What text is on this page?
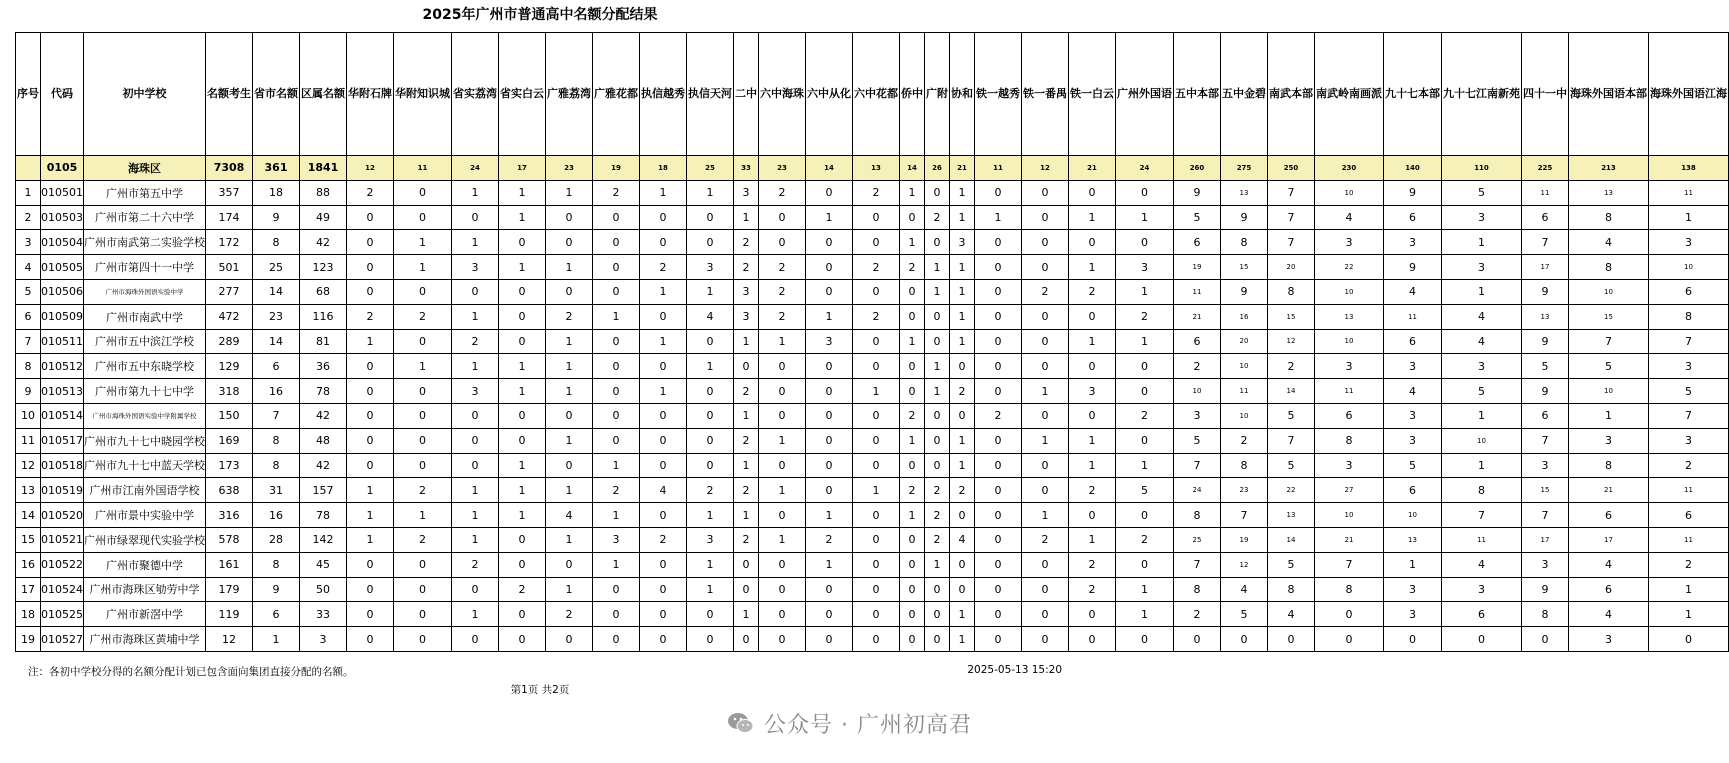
2025年广州市普通高中名额分配结果
序号	代码	初中学校	名额考生	省市名额	区属名额	华附石牌	华附知识城	省实荔湾	省实白云	广雅荔湾	广雅花都	执信越秀	执信天河	二中	六中海珠	六中从化	六中花都	侨中	广附	协和	铁一越秀	铁一番禺	铁一白云	广州外国语	五中本部	五中金碧	南武本部	南武岭南画派	九十七本部	九十七江南新苑	四十一中	海珠外国语本部	海珠外国语江海
	0105	海珠区	7308	361	1841	12	11	24	17	23	19	18	25	33	23	14	13	14	26	21	11	12	21	24	260	275	250	230	140	110	225	213	138
1	010501	广州市第五中学	357	18	88	2	0	1	1	1	2	1	1	3	2	0	2	1	0	1	0	0	0	0	9	13	7	10	9	5	11	13	11
2	010503	广州市第二十六中学	174	9	49	0	0	0	1	0	0	0	0	1	0	1	0	0	2	1	1	0	1	1	5	9	7	4	6	3	6	8	1
3	010504	广州市南武第二实验学校	172	8	42	0	1	1	0	0	0	0	0	2	0	0	0	1	0	3	0	0	0	0	6	8	7	3	3	1	7	4	3
4	010505	广州市第四十一中学	501	25	123	0	1	3	1	1	0	2	3	2	2	0	2	2	1	1	0	0	1	3	19	15	20	22	9	3	17	8	10
5	010506	广州市海珠外国语实验中学	277	14	68	0	0	0	0	0	0	1	1	3	2	0	0	0	1	1	0	2	2	1	11	9	8	10	4	1	9	10	6
6	010509	广州市南武中学	472	23	116	2	2	1	0	2	1	0	4	3	2	1	2	0	0	1	0	0	0	2	21	16	15	13	11	4	13	15	8
7	010511	广州市五中滨江学校	289	14	81	1	0	2	0	1	0	1	0	1	1	3	0	1	0	1	0	0	1	1	6	20	12	10	6	4	9	7	7
8	010512	广州市五中东晓学校	129	6	36	0	1	1	1	1	0	0	1	0	0	0	0	0	1	0	0	0	0	0	2	10	2	3	3	3	5	5	3
9	010513	广州市第九十七中学	318	16	78	0	0	3	1	1	0	1	0	2	0	0	1	0	1	2	0	1	3	0	10	11	14	11	4	5	9	10	5
10	010514	广州市海珠外国语实验中学附属学校	150	7	42	0	0	0	0	0	0	0	0	1	0	0	0	2	0	0	2	0	0	2	3	10	5	6	3	1	6	1	7
11	010517	广州市九十七中晓园学校	169	8	48	0	0	0	0	1	0	0	0	2	1	0	0	1	0	1	0	1	1	0	5	2	7	8	3	10	7	3	3
12	010518	广州市九十七中蓝天学校	173	8	42	0	0	0	1	0	1	0	0	1	0	0	0	0	0	1	0	0	1	1	7	8	5	3	5	1	3	8	2
13	010519	广州市江南外国语学校	638	31	157	1	2	1	1	1	2	4	2	2	1	0	1	2	2	2	0	0	2	5	24	23	22	27	6	8	15	21	11
14	010520	广州市景中实验中学	316	16	78	1	1	1	1	4	1	0	1	1	0	1	0	1	2	0	0	1	0	0	8	7	13	10	10	7	7	6	6
15	010521	广州市绿翠现代实验学校	578	28	142	1	2	1	0	1	3	2	3	2	1	2	0	0	2	4	0	2	1	2	25	19	14	21	13	11	17	17	11
16	010522	广州市聚德中学	161	8	45	0	0	2	0	0	1	0	1	0	0	1	0	0	1	0	0	0	2	0	7	12	5	7	1	4	3	4	2
17	010524	广州市海珠区劬劳中学	179	9	50	0	0	0	2	1	0	0	1	0	0	0	0	0	0	0	0	0	2	1	8	4	8	8	3	3	9	6	1
18	010525	广州市新滘中学	119	6	33	0	0	1	0	2	0	0	0	1	0	0	0	0	0	1	0	0	0	1	2	5	4	0	3	6	8	4	1
19	010527	广州市海珠区黄埔中学	12	1	3	0	0	0	0	0	0	0	0	0	0	0	0	0	0	1	0	0	0	0	0	0	0	0	0	0	0	3	0
注：各初中学校分得的名额分配计划已包含面向集团直接分配的名额。	2025-05-13 15:20
第1页 共2页
公众号 · 广州初高君
